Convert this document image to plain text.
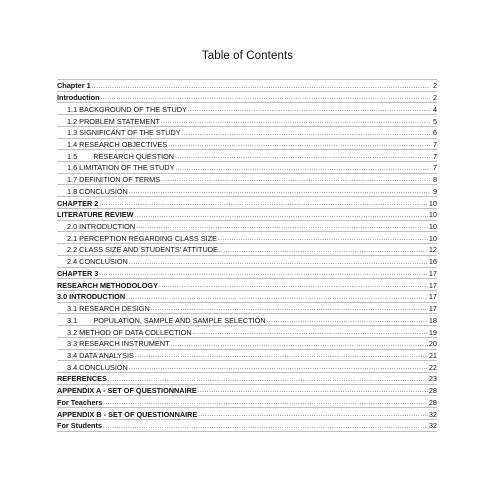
Table of Contents
Chapter 1 .....	2
Introduction .....	2
1.1 BACKGROUND OF THE STUDY .....	4
1.2 PROBLEM STATEMENT .....	5
1.3 SIGNIFICANT OF THE STUDY .....	6
1.4 RESEARCH OBJECTIVES .....	7
1.5        RESEARCH QUESTION .....	7
1.6 LIMITATION OF THE STUDY .....	7
1.7 DEFINITION OF TERMS .....	8
1.8 CONCLUSION .....	9
CHAPTER 2 .....	10
LITERATURE REVIEW .....	10
2.0 INTRODUCTION .....	10
2.1 PERCEPTION REGARDING CLASS SIZE .....	10
2.2 CLASS SIZE AND STUDENTS' ATTITUDE .....	12
2.4 CONCLUSION .....	16
CHAPTER 3 .....	17
RESEARCH METHODOLOGY .....	17
3.0 INTRODUCTION .....	17
3.1 RESEARCH DESIGN .....	17
3.1        POPULATION, SAMPLE AND SAMPLE SELECTION .....	18
3.2 METHOD OF DATA COLLECTION .....	19
3.3 RESEARCH INSTRUMENT .....	20
3.4 DATA ANALYSIS .....	21
3.4 CONCLUSION .....	22
REFERENCES .....	23
APPENDIX A - SET OF QUESTIONNAIRE .....	28
For Teachers .....	28
APPENDIX B - SET OF QUESTIONNAIRE .....	32
For Students .....	32
